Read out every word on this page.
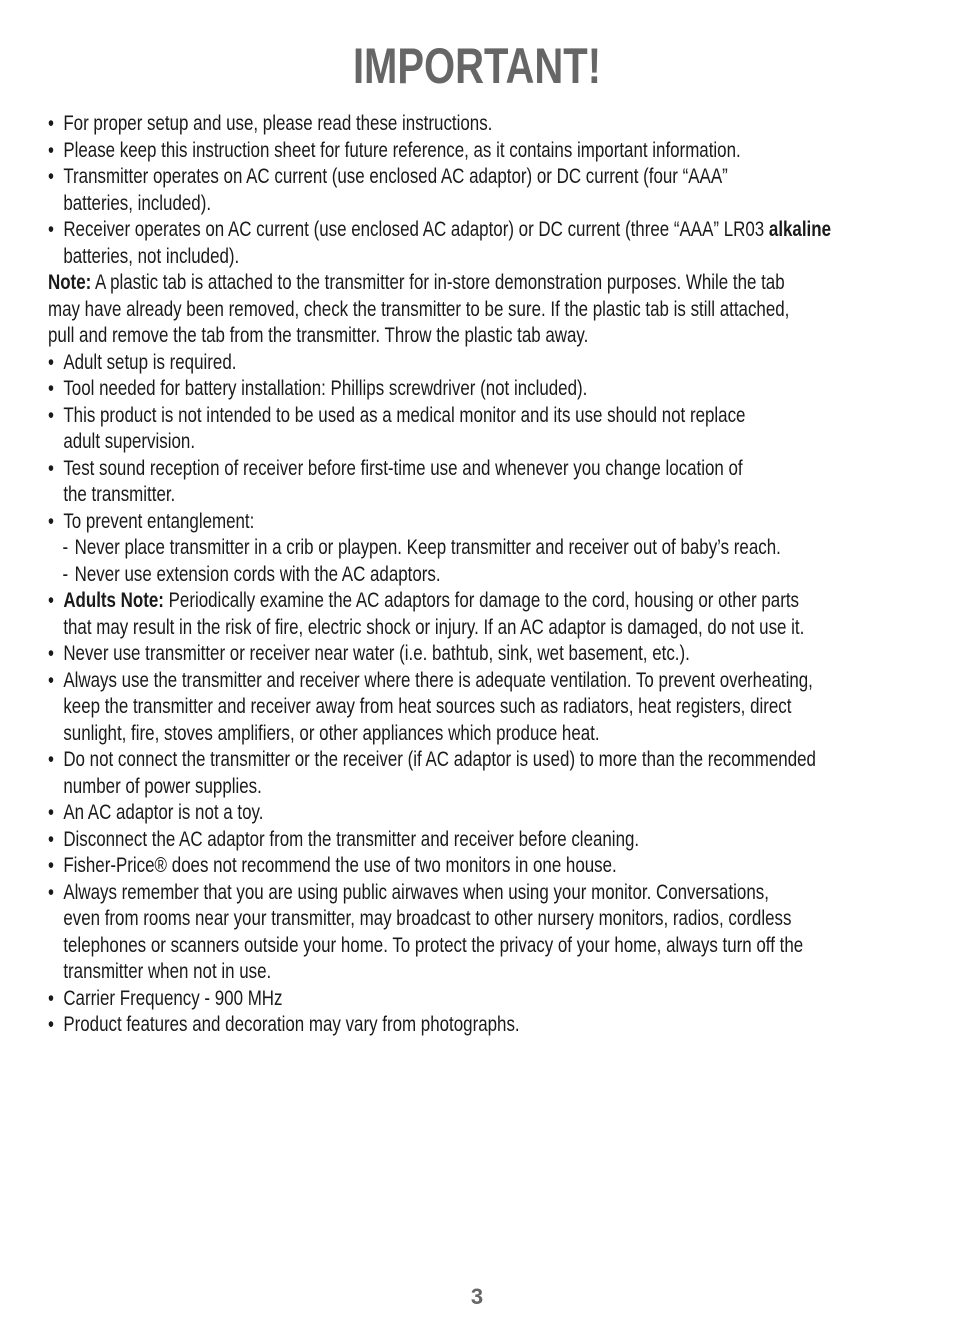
IMPORTANT!
• For proper setup and use, please read these instructions.
• Please keep this instruction sheet for future reference, as it contains important information.
• Transmitter operates on AC current (use enclosed AC adaptor) or DC current (four “AAA”
batteries, included).
• Receiver operates on AC current (use enclosed AC adaptor) or DC current (three “AAA” LR03 alkaline
batteries, not included).
Note: A plastic tab is attached to the transmitter for in-store demonstration purposes. While the tab
may have already been removed, check the transmitter to be sure. If the plastic tab is still attached,
pull and remove the tab from the transmitter. Throw the plastic tab away.
• Adult setup is required.
• Tool needed for battery installation: Phillips screwdriver (not included).
• This product is not intended to be used as a medical monitor and its use should not replace
adult supervision.
• Test sound reception of receiver before first-time use and whenever you change location of
the transmitter.
• To prevent entanglement:
- Never place transmitter in a crib or playpen. Keep transmitter and receiver out of baby’s reach.
- Never use extension cords with the AC adaptors.
• Adults Note: Periodically examine the AC adaptors for damage to the cord, housing or other parts
that may result in the risk of fire, electric shock or injury. If an AC adaptor is damaged, do not use it.
• Never use transmitter or receiver near water (i.e. bathtub, sink, wet basement, etc.).
• Always use the transmitter and receiver where there is adequate ventilation. To prevent overheating,
keep the transmitter and receiver away from heat sources such as radiators, heat registers, direct
sunlight, fire, stoves amplifiers, or other appliances which produce heat.
• Do not connect the transmitter or the receiver (if AC adaptor is used) to more than the recommended
number of power supplies.
• An AC adaptor is not a toy.
• Disconnect the AC adaptor from the transmitter and receiver before cleaning.
• Fisher-Price® does not recommend the use of two monitors in one house.
• Always remember that you are using public airwaves when using your monitor. Conversations,
even from rooms near your transmitter, may broadcast to other nursery monitors, radios, cordless
telephones or scanners outside your home. To protect the privacy of your home, always turn off the
transmitter when not in use.
• Carrier Frequency - 900 MHz
• Product features and decoration may vary from photographs.
3
